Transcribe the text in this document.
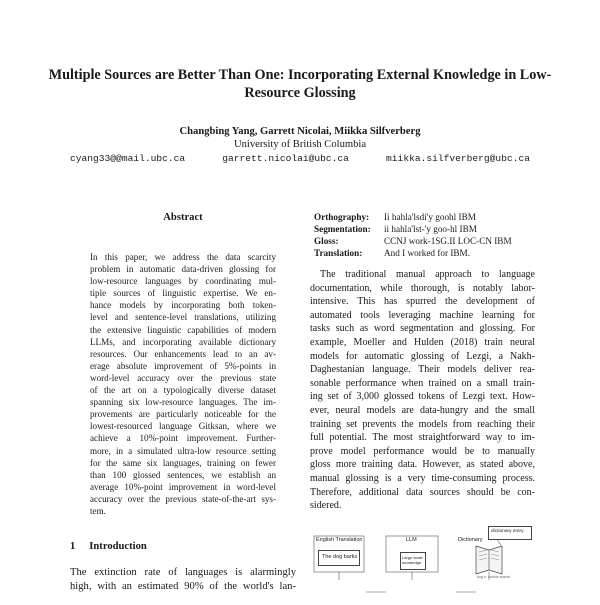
Multiple Sources are Better Than One: Incorporating External Knowledge in Low-Resource Glossing
Changbing Yang, Garrett Nicolai, Miikka Silfverberg
University of British Columbia
cyang33@@mail.ubc.ca	garrett.nicolai@ubc.ca	miikka.silfverberg@ubc.ca
Abstract
In this paper, we address the data scarcity
problem in automatic data-driven glossing for
low-resource languages by coordinating mul-
tiple sources of linguistic expertise. We en-
hance models by incorporating both token-
level and sentence-level translations, utilizing
the extensive linguistic capabilities of modern
LLMs, and incorporating available dictionary
resources. Our enhancements lead to an av-
erage absolute improvement of 5%-points in
word-level accuracy over the previous state
of the art on a typologically diverse dataset
spanning six low-resource languages. The im-
provements are particularly noticeable for the
lowest-resourced language Gitksan, where we
achieve a 10%-point improvement. Further-
more, in a simulated ultra-low resource setting
for the same six languages, training on fewer
than 100 glossed sentences, we establish an
average 10%-point improvement in word-level
accuracy over the previous state-of-the-art sys-
tem.
1 Introduction
The extinction rate of languages is alarmingly
high, with an estimated 90% of the world's lan-
Orthography:	Ii hahla'lsdi'y goohl IBM
Segmentation:	ii hahla'lst-'y goo-hl IBM
Gloss:	CCNJ work-1SG.II LOC-CN IBM
Translation:	And I worked for IBM.
The traditional manual approach to language
documentation, while thorough, is notably labor-
intensive. This has spurred the development of
automated tools leveraging machine learning for
tasks such as word segmentation and glossing. For
example, Moeller and Hulden (2018) train neural
models for automatic glossing of Lezgi, a Nakh-
Daghestanian language. Their models deliver rea-
sonable performance when trained on a small train-
ing set of 3,000 glossed tokens of Lezgi text. How-
ever, neural models are data-hungry and the small
training set prevents the models from reaching their
full potential. The most straightforward way to im-
prove model performance would be to manually
gloss more training data. However, as stated above,
manual glossing is a very time-consuming process.
Therefore, additional data sources should be con-
sidered.
English Translation
The dog barks
LLM
Large scale knowledge
Dictionary
dictionary entry
dog n. canine animal
